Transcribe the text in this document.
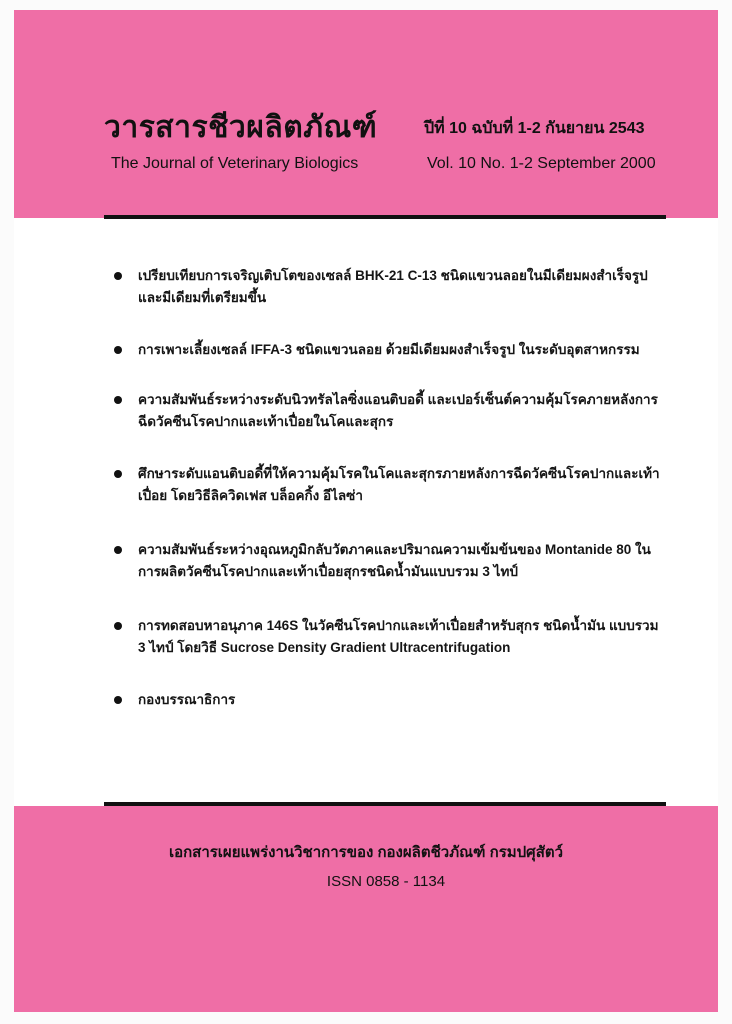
วารสารชีวผลิตภัณฑ์	ปีที่ 10 ฉบับที่ 1-2 กันยายน 2543
The Journal of Veterinary Biologics	Vol. 10 No. 1-2 September 2000
เปรียบเทียบการเจริญเติบโตของเซลล์ BHK-21 C-13 ชนิดแขวนลอยในมีเดียมผงสำเร็จรูป
และมีเดียมที่เตรียมขึ้น
การเพาะเลี้ยงเซลล์ IFFA-3 ชนิดแขวนลอย ด้วยมีเดียมผงสำเร็จรูป ในระดับอุตสาหกรรม
ความสัมพันธ์ระหว่างระดับนิวทรัลไลซิ่งแอนติบอดี้ และเปอร์เซ็นต์ความคุ้มโรคภายหลังการ
ฉีดวัคซีนโรคปากและเท้าเปื่อยในโคและสุกร
ศึกษาระดับแอนติบอดี้ที่ให้ความคุ้มโรคในโคและสุกรภายหลังการฉีดวัคซีนโรคปากและเท้า
เปื่อย โดยวิธีลิควิดเฟส บล็อคกิ้ง อีไลซ่า
ความสัมพันธ์ระหว่างอุณหภูมิกลับวัตภาคและปริมาณความเข้มข้นของ Montanide 80 ใน
การผลิตวัคซีนโรคปากและเท้าเปื่อยสุกรชนิดน้ำมันแบบรวม 3 ไทป์
การทดสอบหาอนุภาค 146S ในวัคซีนโรคปากและเท้าเปื่อยสำหรับสุกร ชนิดน้ำมัน แบบรวม
3 ไทป์ โดยวิธี Sucrose Density Gradient Ultracentrifugation
กองบรรณาธิการ
เอกสารเผยแพร่งานวิชาการของ กองผลิตชีวภัณฑ์ กรมปศุสัตว์
ISSN 0858 - 1134
